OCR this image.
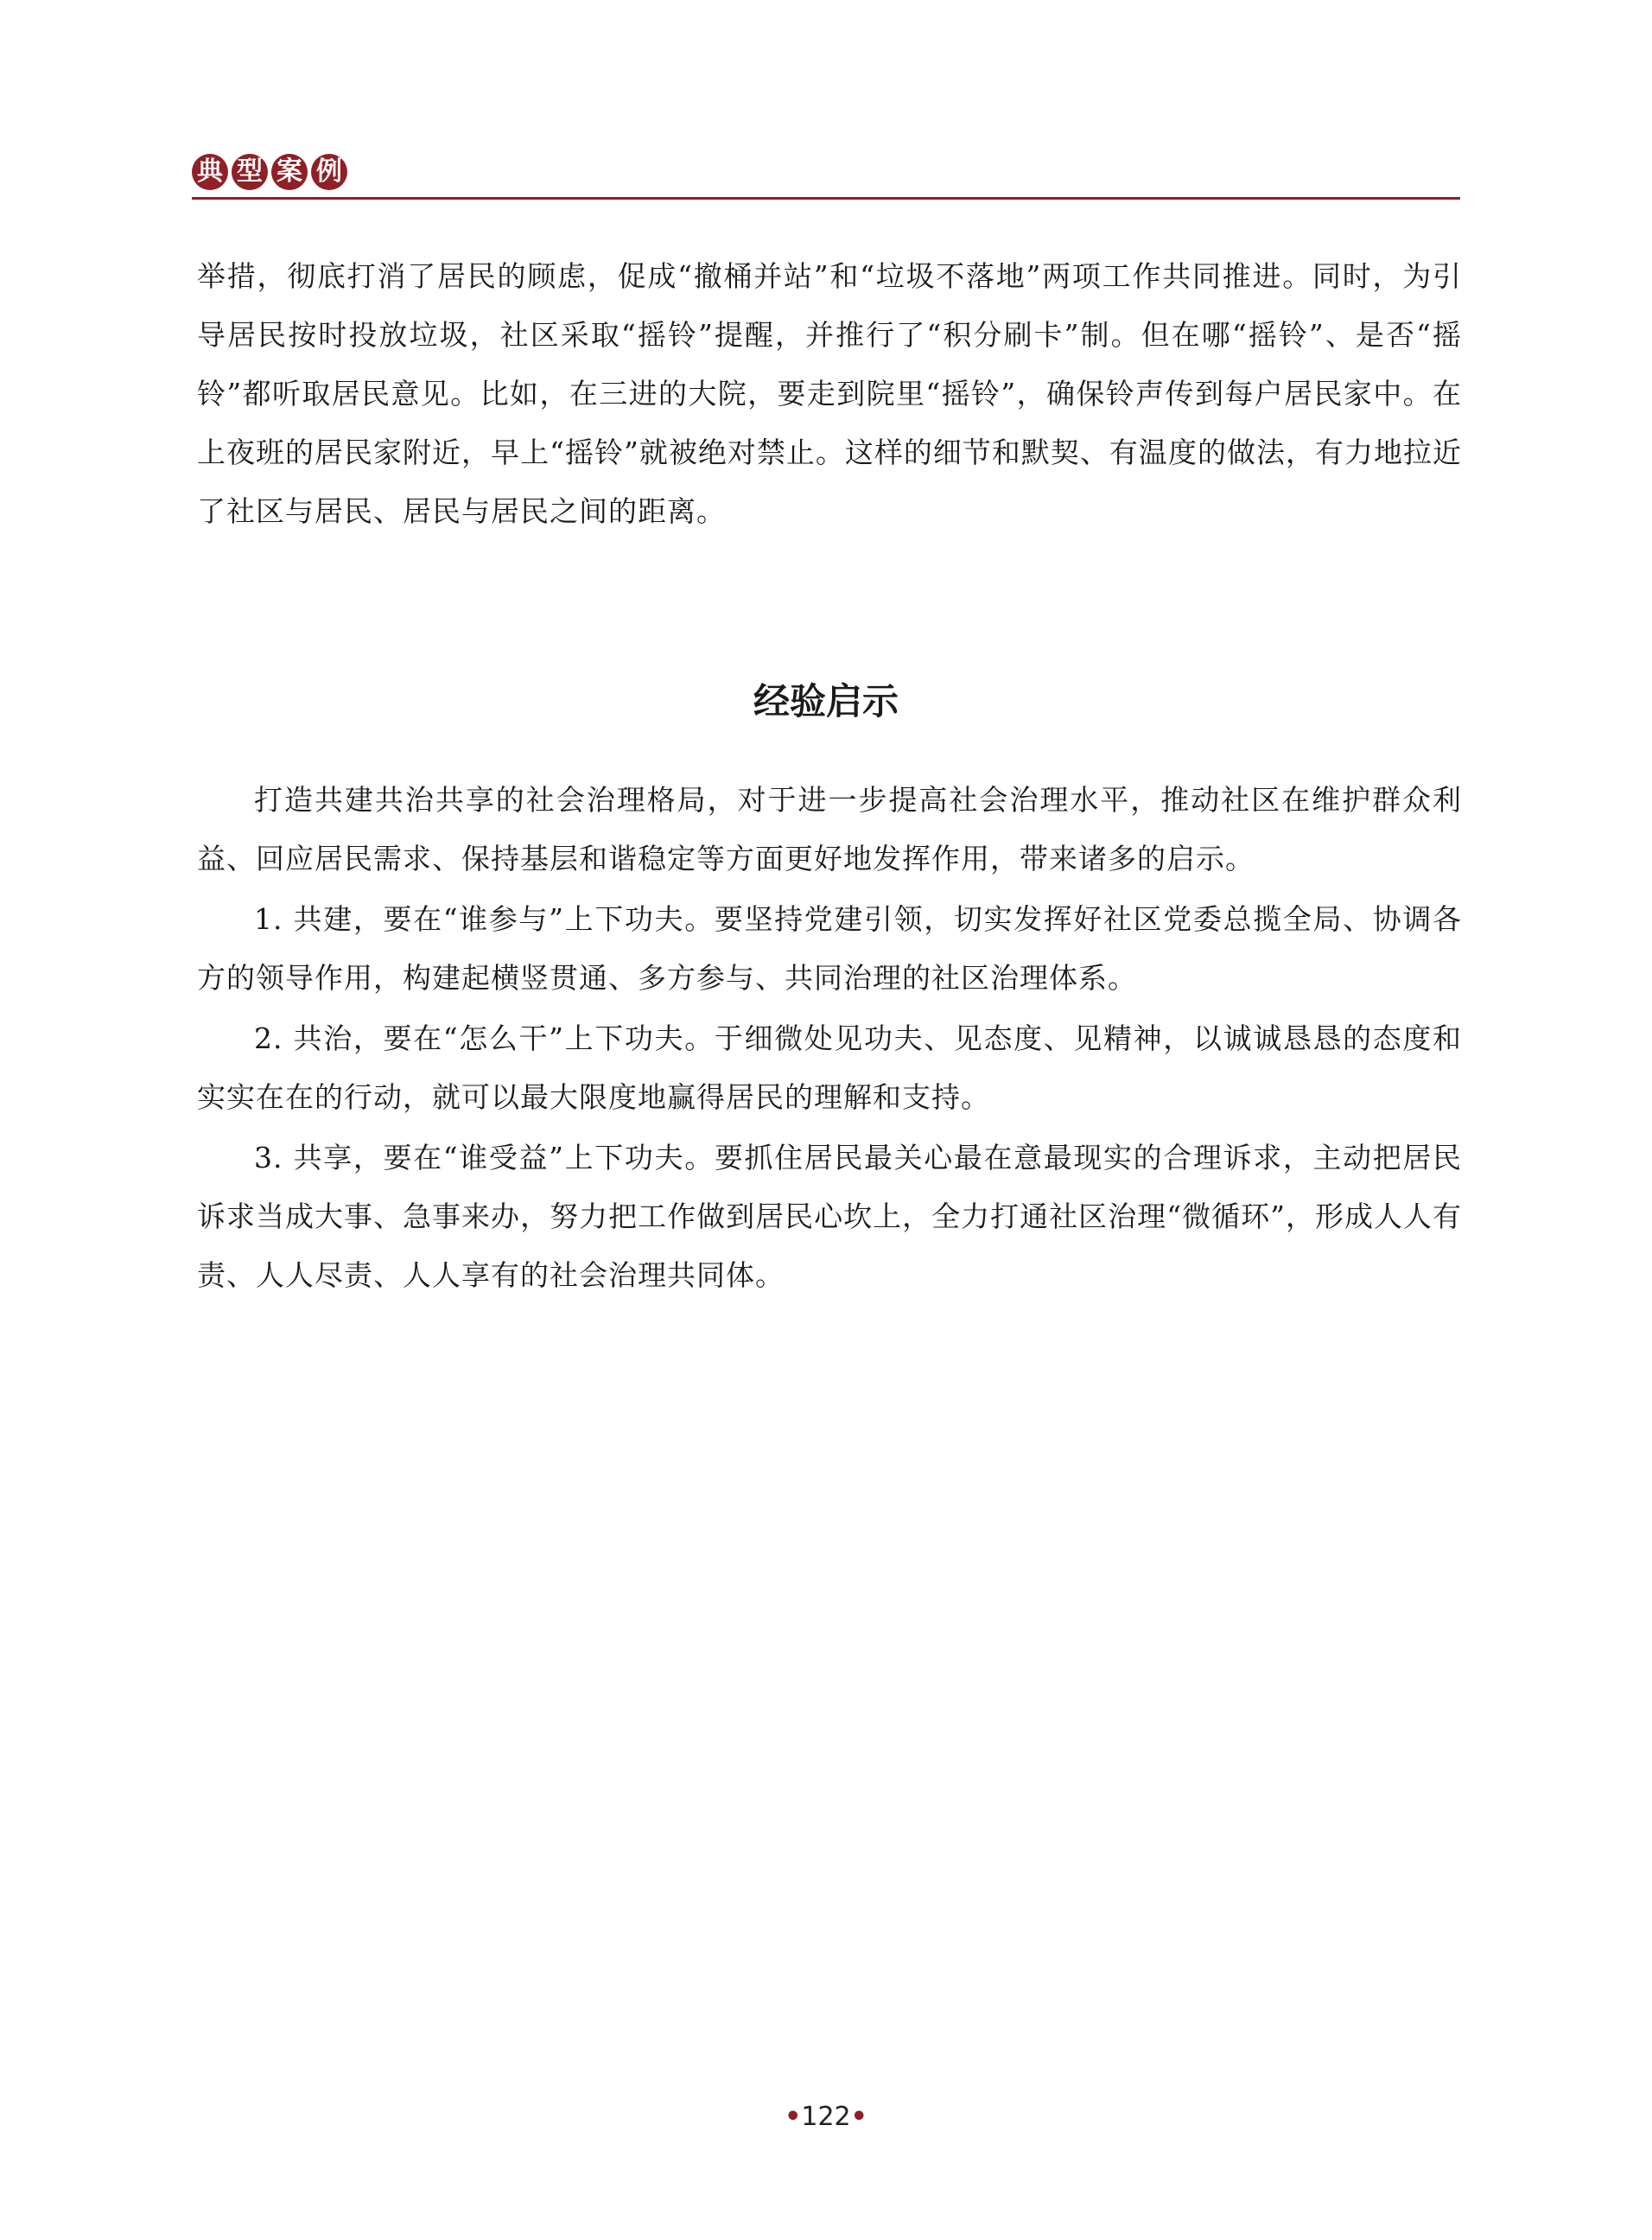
典 型 案 例

举措，彻底打消了居民的顾虑，促成“撤桶并站”和“垃圾不落地”两项工作共同推进。同时，为引导居民按时投放垃圾，社区采取“摇铃”提醒，并推行了“积分刷卡”制。但在哪“摇铃”、是否“摇铃”都听取居民意见。比如，在三进的大院，要走到院里“摇铃”，确保铃声传到每户居民家中。在上夜班的居民家附近，早上“摇铃”就被绝对禁止。这样的细节和默契、有温度的做法，有力地拉近了社区与居民、居民与居民之间的距离。

经验启示

打造共建共治共享的社会治理格局，对于进一步提高社会治理水平，推动社区在维护群众利益、回应居民需求、保持基层和谐稳定等方面更好地发挥作用，带来诸多的启示。

1. 共建，要在“谁参与”上下功夫。要坚持党建引领，切实发挥好社区党委总揽全局、协调各方的领导作用，构建起横竖贯通、多方参与、共同治理的社区治理体系。

2. 共治，要在“怎么干”上下功夫。于细微处见功夫、见态度、见精神，以诚诚恳恳的态度和实实在在的行动，就可以最大限度地赢得居民的理解和支持。

3. 共享，要在“谁受益”上下功夫。要抓住居民最关心最在意最现实的合理诉求，主动把居民诉求当成大事、急事来办，努力把工作做到居民心坎上，全力打通社区治理“微循环”，形成人人有责、人人尽责、人人享有的社会治理共同体。

•122•
